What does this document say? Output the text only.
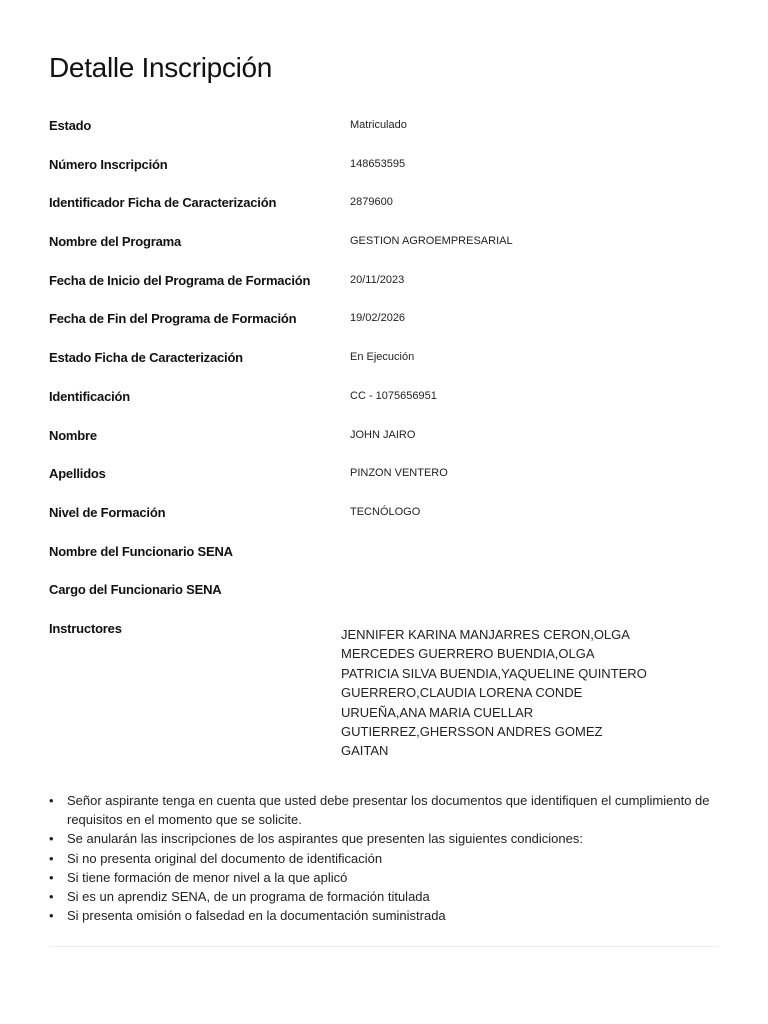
Detalle Inscripción
Estado	Matriculado
Número Inscripción	148653595
Identificador Ficha de Caracterización	2879600
Nombre del Programa	GESTION AGROEMPRESARIAL
Fecha de Inicio del Programa de Formación	20/11/2023
Fecha de Fin del Programa de Formación	19/02/2026
Estado Ficha de Caracterización	En Ejecución
Identificación	CC - 1075656951
Nombre	JOHN JAIRO
Apellidos	PINZON VENTERO
Nivel de Formación	TECNÓLOGO
Nombre del Funcionario SENA
Cargo del Funcionario SENA
Instructores	JENNIFER KARINA MANJARRES CERON,OLGA MERCEDES GUERRERO BUENDIA,OLGA PATRICIA SILVA BUENDIA,YAQUELINE QUINTERO GUERRERO,CLAUDIA LORENA CONDE URUEÑA,ANA MARIA CUELLAR GUTIERREZ,GHERSSON ANDRES GOMEZ GAITAN
• Señor aspirante tenga en cuenta que usted debe presentar los documentos que identifiquen el cumplimiento de requisitos en el momento que se solicite.
• Se anularán las inscripciones de los aspirantes que presenten las siguientes condiciones:
• Si no presenta original del documento de identificación
• Si tiene formación de menor nivel a la que aplicó
• Si es un aprendiz SENA, de un programa de formación titulada
• Si presenta omisión o falsedad en la documentación suministrada
